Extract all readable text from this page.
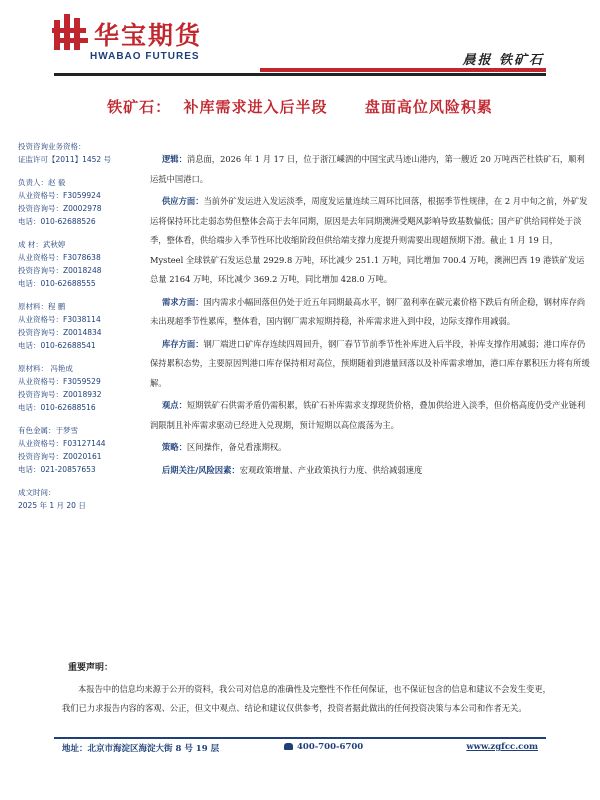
华宝期货
HWABAO FUTURES	晨报 铁矿石
铁矿石：  补库需求进入后半段      盘面高位风险积累
投资咨询业务资格：
证监许可【2011】1452 号
负责人：赵 毅
从业资格号：F3059924
投资咨询号：Z0002978
电话：010-62688526
成 材：武秋婷
从业资格号：F3078638
投资咨询号：Z0018248
电话：010-62688555
原材料：程 鹏
从业资格号：F3038114
投资咨询号：Z0014834
电话：010-62688541
原材料： 冯艳成
从业资格号：F3059529
投资咨询号：Z0018932
电话：010-62688516
有色金属：于梦雪
从业资格号：F03127144
投资咨询号：Z0020161
电话：021-20857653
成文时间：
2025 年 1 月 20 日

逻辑：消息面，2026 年 1 月 17 日，位于浙江嵊泗的中国宝武马迹山港内，第一艘近 20 万吨西芒杜铁矿石，顺利运抵中国港口。

供应方面：当前外矿发运进入发运淡季，周度发运量连续三周环比回落，根据季节性规律，在 2 月中旬之前，外矿发运将保持环比走弱态势但整体会高于去年同期，原因是去年同期澳洲受飓风影响导致基数偏低；国产矿供给同样处于淡季，整体看，供给端步入季节性环比收缩阶段但供给端支撑力度提升则需要出现超预期下滑。截止 1 月 19 日，Mysteel 全球铁矿石发运总量 2929.8 万吨，环比减少 251.1 万吨，同比增加 700.4 万吨，澳洲巴西 19 港铁矿发运总量 2164 万吨，环比减少 369.2 万吨，同比增加 428.0 万吨。

需求方面：国内需求小幅回落但仍处于近五年同期最高水平，钢厂盈利率在碳元素价格下跌后有所企稳，钢材库存尚未出现超季节性累库，整体看，国内钢厂需求短期持稳，补库需求进入到中段，边际支撑作用减弱。

库存方面：钢厂端进口矿库存连续四周回升，钢厂春节节前季节性补库进入后半段，补库支撑作用减弱；港口库存仍保持累积态势，主要原因判港口库存保持相对高位，预期随着到港量回落以及补库需求增加，港口库存累积压力将有所缓解。

观点：短期铁矿石供需矛盾仍需积累，铁矿石补库需求支撑现货价格，叠加供给进入淡季，但价格高度仍受产业链利润限制且补库需求驱动已经进入兑现期，预计短期以高位震荡为主。

策略：区间操作，备兑看涨期权。

后期关注/风险因素：宏观政策增量、产业政策执行力度、供给减弱速度

重要声明：
本报告中的信息均来源于公开的资料，我公司对信息的准确性及完整性不作任何保证，也不保证包含的信息和建议不会发生变更，我们已力求报告内容的客观、公正，但文中观点、结论和建议仅供参考，投资者据此做出的任何投资决策与本公司和作者无关。
地址：北京市海淀区海淀大街 8 号 19 层	400-700-6700	www.zgfcc.com
